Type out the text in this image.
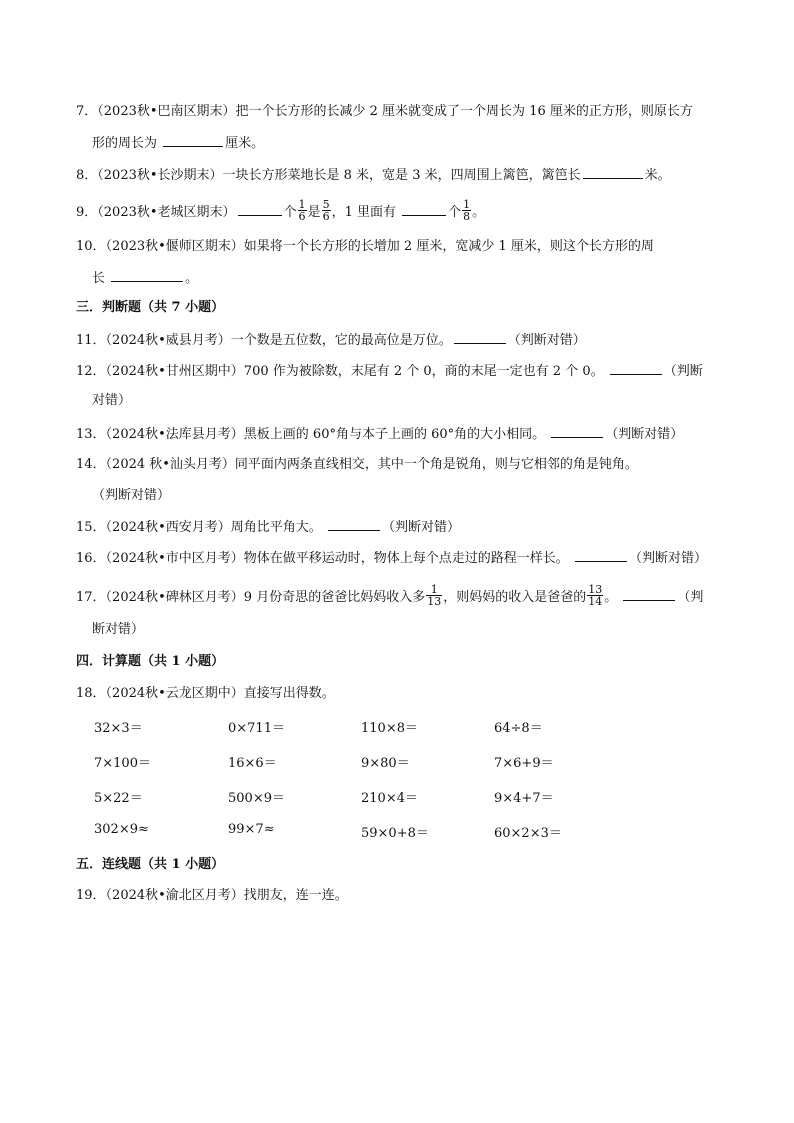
7．（2023秋•巴南区期末）把一个长方形的长减少 2 厘米就变成了一个周长为 16 厘米的正方形，则原长方
形的周长为	厘米。
8．（2023秋•长沙期末）一块长方形菜地长是 8 米，宽是 3 米，四周围上篱笆，篱笆长	米。
9．（2023秋•老城区期末）	个 $\frac{1}{6}$ 是 $\frac{5}{6}$ ，1 里面有	个 $\frac{1}{8}$ 。
10．（2023秋•偃师区期末）如果将一个长方形的长增加 2 厘米，宽减少 1 厘米，则这个长方形的周
长	。
三．判断题（共 7 小题）
11．（2024秋•威县月考）一个数是五位数，它的最高位是万位。	（判断对错）
12．（2024秋•甘州区期中）700 作为被除数，末尾有 2 个 0，商的末尾一定也有 2 个 0。	（判断
对错）
13．（2024秋•法库县月考）黑板上画的 60°角与本子上画的 60°角的大小相同。	（判断对错）
14．（2024 秋•汕头月考）同平面内两条直线相交，其中一个角是锐角，则与它相邻的角是钝角。
（判断对错）
15．（2024秋•西安月考）周角比平角大。	（判断对错）
16．（2024秋•市中区月考）物体在做平移运动时，物体上每个点走过的路程一样长。	（判断对错）
17．（2024秋•碑林区月考）9 月份奇思的爸爸比妈妈收入多 $\frac{1}{13}$ ，则妈妈的收入是爸爸的 $\frac{13}{14}$ 。	（判
断对错）
四．计算题（共 1 小题）
18．（2024秋•云龙区期中）直接写出得数。
32×3＝	0×711＝	110×8＝	64÷8＝
7×100＝	16×6＝	9×80＝	7×6+9＝
5×22＝	500×9＝	210×4＝	9×4+7＝
302×9≈	99×7≈	59×0+8＝	60×2×3＝
五．连线题（共 1 小题）
19．（2024秋•渝北区月考）找朋友，连一连。
